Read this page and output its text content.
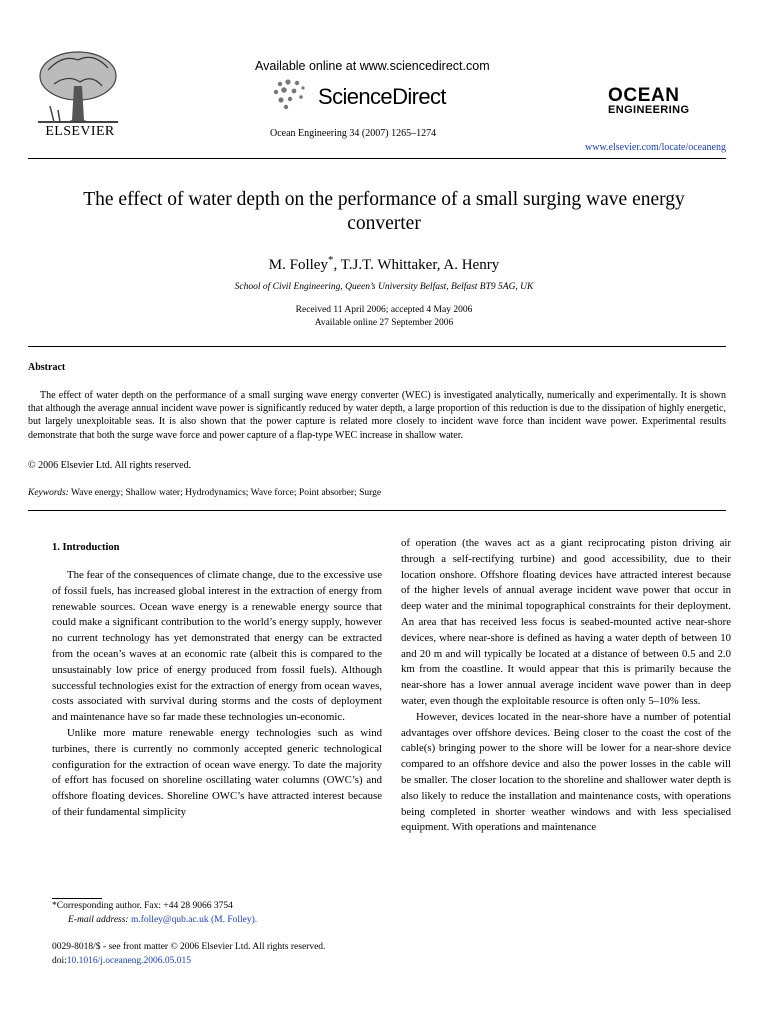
ELSEVIER
Available online at www.sciencedirect.com
ScienceDirect
Ocean Engineering 34 (2007) 1265–1274
OCEAN
ENGINEERING
www.elsevier.com/locate/oceaneng
The effect of water depth on the performance of a small surging wave energy converter
M. Folley*, T.J.T. Whittaker, A. Henry
School of Civil Engineering, Queen’s University Belfast, Belfast BT9 5AG, UK
Received 11 April 2006; accepted 4 May 2006
Available online 27 September 2006
Abstract
The effect of water depth on the performance of a small surging wave energy converter (WEC) is investigated analytically, numerically and experimentally. It is shown that although the average annual incident wave power is significantly reduced by water depth, a large proportion of this reduction is due to the dissipation of highly energetic, but largely unexploitable seas. It is also shown that the power capture is related more closely to incident wave force than incident wave power. Experimental results demonstrate that both the surge wave force and power capture of a flap-type WEC increase in shallow water.
© 2006 Elsevier Ltd. All rights reserved.
Keywords: Wave energy; Shallow water; Hydrodynamics; Wave force; Point absorber; Surge
1. Introduction

The fear of the consequences of climate change, due to the excessive use of fossil fuels, has increased global interest in the extraction of energy from renewable sources. Ocean wave energy is a renewable energy source that could make a significant contribution to the world’s energy supply, however no current technology has yet demonstrated that energy can be extracted from the ocean’s waves at an economic rate (albeit this is compared to the unsustainably low price of energy produced from fossil fuels). Although successful technologies exist for the extraction of energy from ocean waves, costs associated with survival during storms and the costs of deployment and maintenance have so far made these technologies un-economic.

Unlike more mature renewable energy technologies such as wind turbines, there is currently no commonly accepted generic technological configuration for the extraction of ocean wave energy. To date the majority of effort has focused on shoreline oscillating water columns (OWC’s) and offshore floating devices. Shoreline OWC’s have attracted interest because of their fundamental simplicity

of operation (the waves act as a giant reciprocating piston driving air through a self-rectifying turbine) and good accessibility, due to their location onshore. Offshore floating devices have attracted interest because of the higher levels of annual average incident wave power that occur in deep water and the minimal topographical constraints for their deployment. An area that has received less focus is seabed-mounted active near-shore devices, where near-shore is defined as having a water depth of between 10 and 20 m and will typically be located at a distance of between 0.5 and 2.0 km from the coastline. It would appear that this is primarily because the near-shore has a lower annual average incident wave power than in deep water, even though the exploitable resource is often only 5–10% less.

However, devices located in the near-shore have a number of potential advantages over offshore devices. Being closer to the coast the cost of the cable(s) bringing power to the shore will be lower for a near-shore device compared to an offshore device and also the power losses in the cable will be smaller. The closer location to the shoreline and shallower water depth is also likely to reduce the installation and maintenance costs, with operations being completed in shorter weather windows and with less specialised equipment. With operations and maintenance

*Corresponding author. Fax: +44 28 9066 3754
E-mail address: m.folley@qub.ac.uk (M. Folley).
0029-8018/$ - see front matter © 2006 Elsevier Ltd. All rights reserved.
doi:10.1016/j.oceaneng.2006.05.015
